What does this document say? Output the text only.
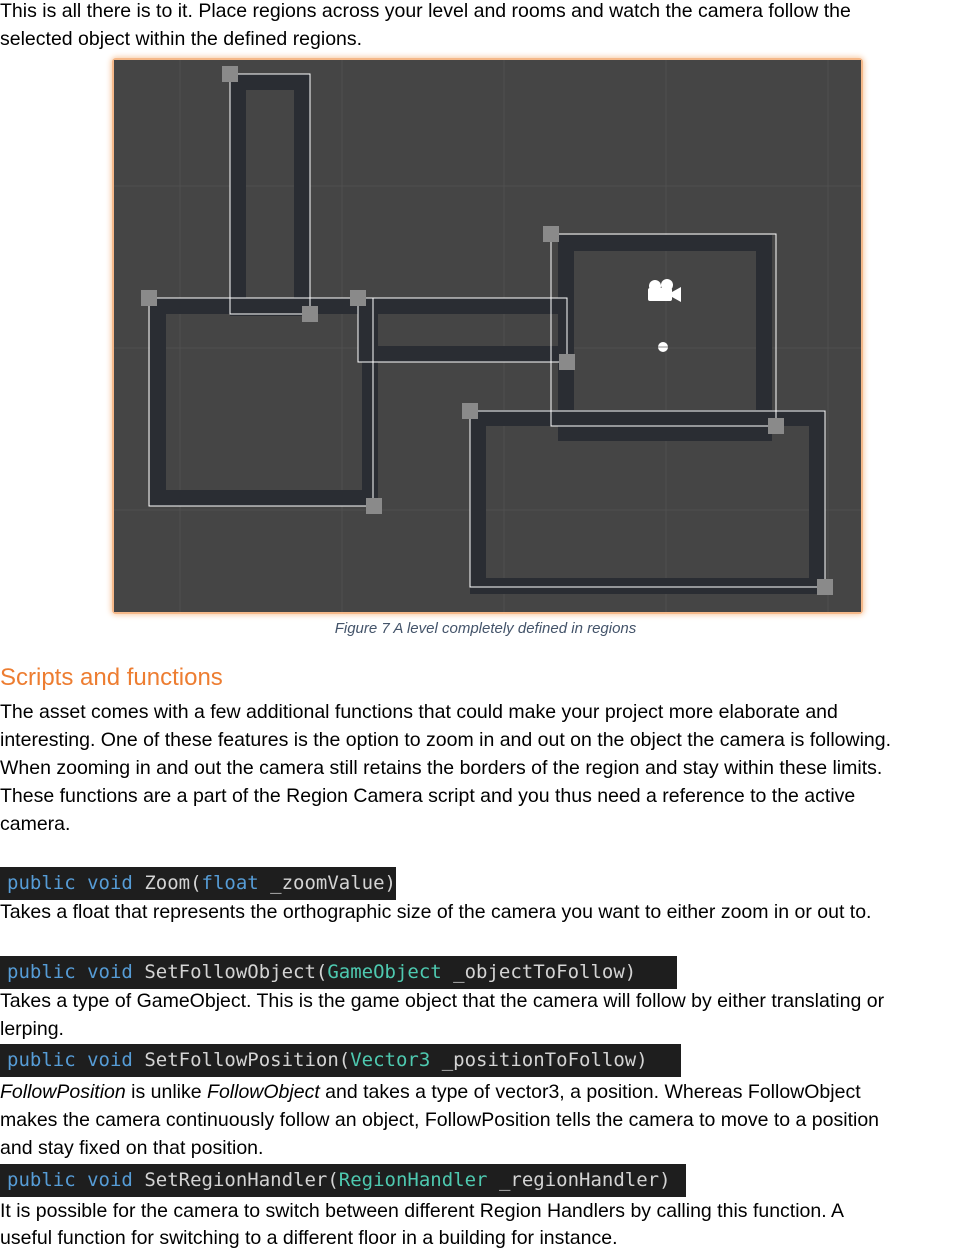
This is all there is to it. Place regions across your level and rooms and watch the camera follow the

selected object within the defined regions.

Figure 7 A level completely defined in regions
Scripts and functions

The asset comes with a few additional functions that could make your project more elaborate and

interesting. One of these features is the option to zoom in and out on the object the camera is following.

When zooming in and out the camera still retains the borders of the region and stay within these limits.

These functions are a part of the Region Camera script and you thus need a reference to the active

camera.

public void Zoom(float _zoomValue)

Takes a float that represents the orthographic size of the camera you want to either zoom in or out to.

public void SetFollowObject(GameObject _objectToFollow)

Takes a type of GameObject. This is the game object that the camera will follow by either translating or

lerping.

public void SetFollowPosition(Vector3 _positionToFollow)

FollowPosition is unlike FollowObject and takes a type of vector3, a position. Whereas FollowObject

makes the camera continuously follow an object, FollowPosition tells the camera to move to a position

and stay fixed on that position.

public void SetRegionHandler(RegionHandler _regionHandler)

It is possible for the camera to switch between different Region Handlers by calling this function. A

useful function for switching to a different floor in a building for instance.
